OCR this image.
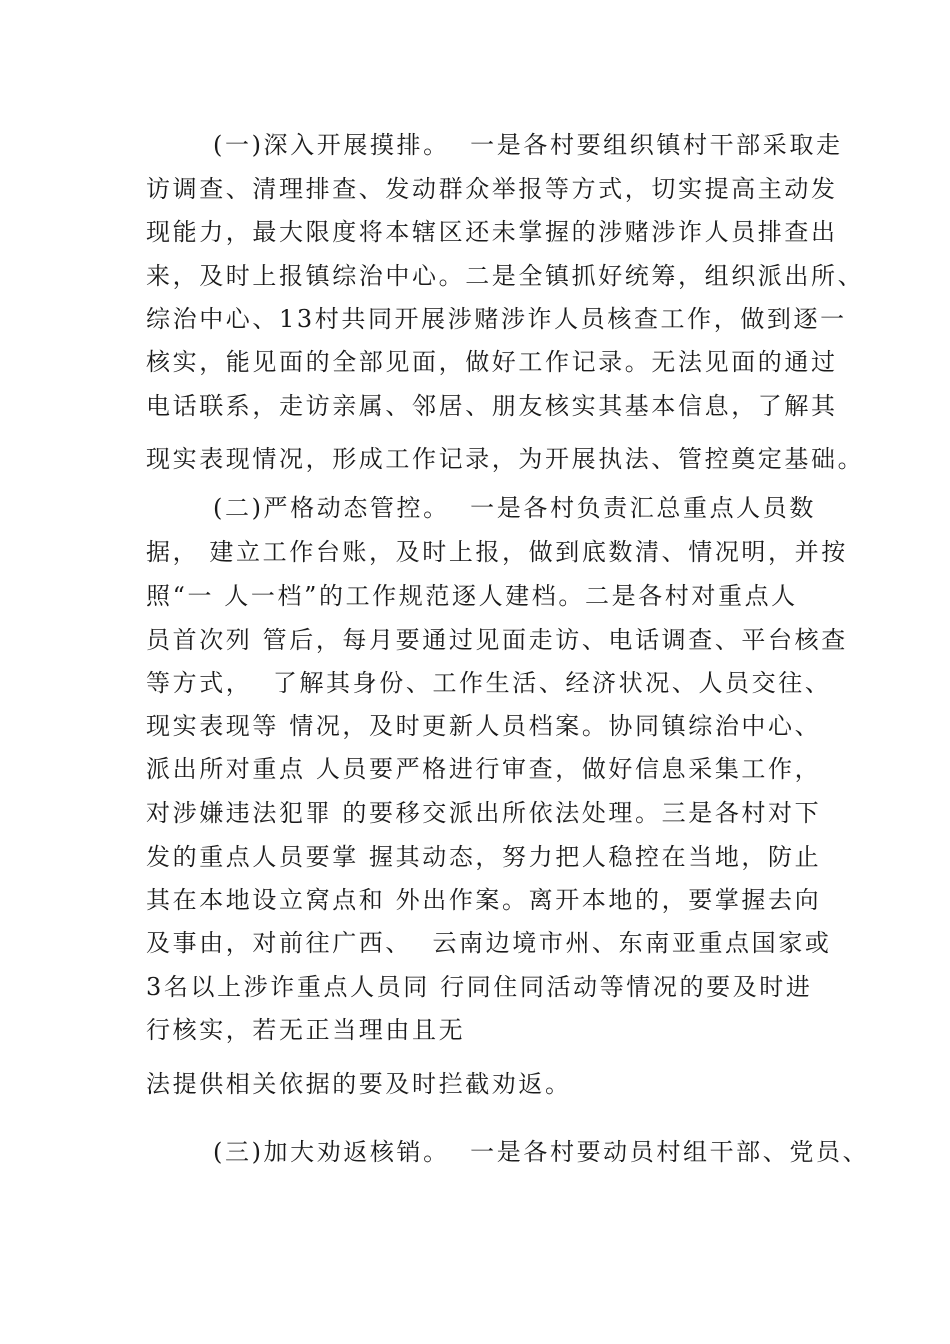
(一)深入开展摸排。  一是各村要组织镇村干部采取走
访调查、清理排查、发动群众举报等方式，切实提高主动发
现能力，最大限度将本辖区还未掌握的涉赌涉诈人员排查出
来，及时上报镇综治中心。二是全镇抓好统筹，组织派出所、
综治中心、13村共同开展涉赌涉诈人员核查工作，做到逐一
核实，能见面的全部见面，做好工作记录。无法见面的通过
电话联系，走访亲属、邻居、朋友核实其基本信息，了解其
现实表现情况，形成工作记录，为开展执法、管控奠定基础。
(二)严格动态管控。  一是各村负责汇总重点人员数
据， 建立工作台账，及时上报，做到底数清、情况明，并按
照“一 人一档”的工作规范逐人建档。二是各村对重点人
员首次列 管后，每月要通过见面走访、电话调查、平台核查
等方式，  了解其身份、工作生活、经济状况、人员交往、
现实表现等 情况，及时更新人员档案。协同镇综治中心、
派出所对重点 人员要严格进行审查，做好信息采集工作，
对涉嫌违法犯罪 的要移交派出所依法处理。三是各村对下
发的重点人员要掌 握其动态，努力把人稳控在当地，防止
其在本地设立窝点和 外出作案。离开本地的，要掌握去向
及事由，对前往广西、  云南边境市州、东南亚重点国家或
3名以上涉诈重点人员同 行同住同活动等情况的要及时进
行核实，若无正当理由且无
法提供相关依据的要及时拦截劝返。
(三)加大劝返核销。  一是各村要动员村组干部、党员、
